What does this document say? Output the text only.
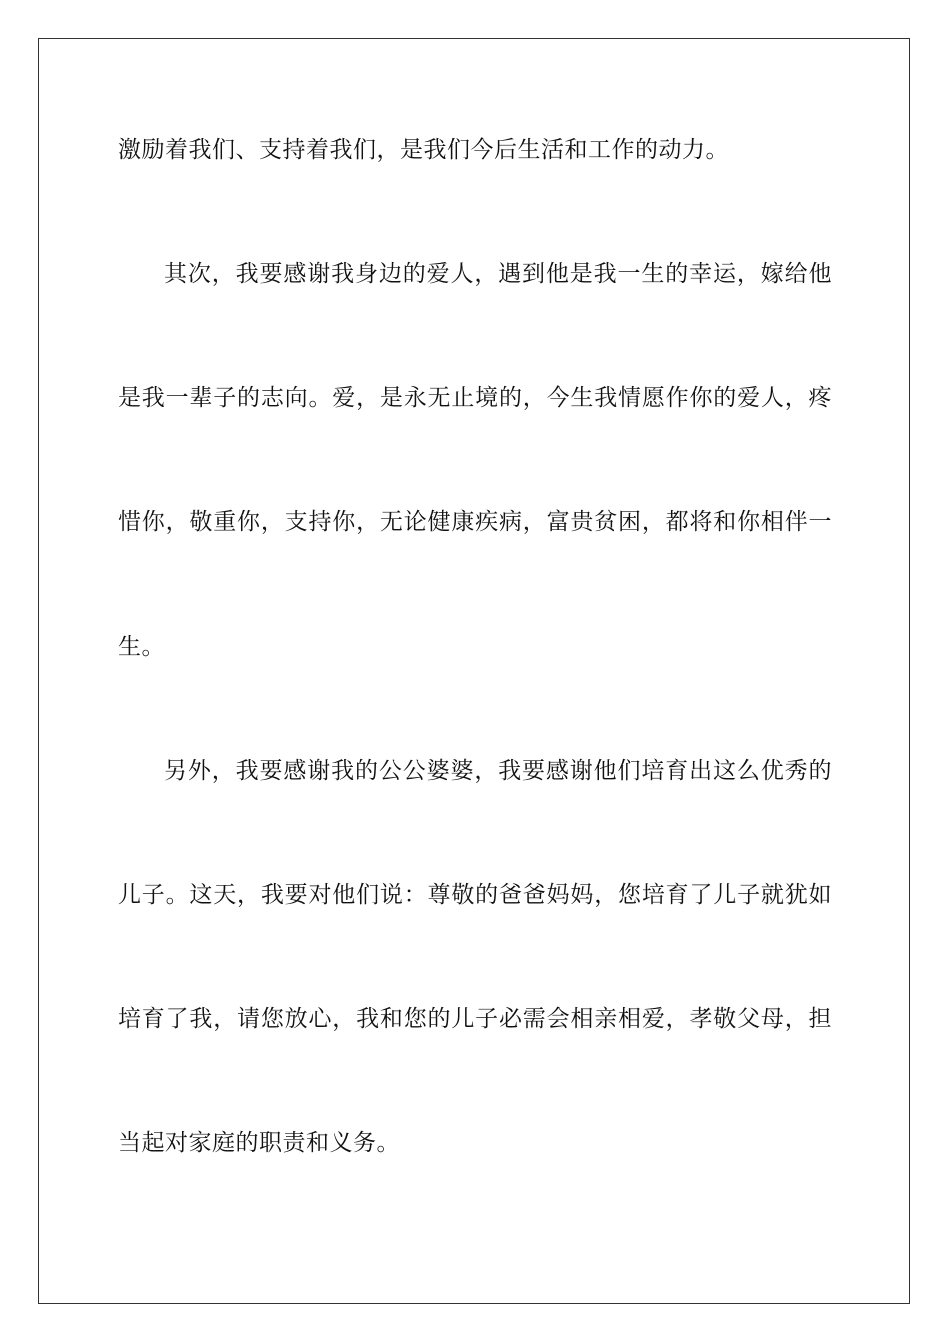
激励着我们、支持着我们，是我们今后生活和工作的动力。
其次，我要感谢我身边的爱人，遇到他是我一生的幸运，嫁给他
是我一辈子的志向。爱，是永无止境的，今生我情愿作你的爱人，疼
惜你，敬重你，支持你，无论健康疾病，富贵贫困，都将和你相伴一
生。
另外，我要感谢我的公公婆婆，我要感谢他们培育出这么优秀的
儿子。这天，我要对他们说：尊敬的爸爸妈妈，您培育了儿子就犹如
培育了我，请您放心，我和您的儿子必需会相亲相爱，孝敬父母，担
当起对家庭的职责和义务。
